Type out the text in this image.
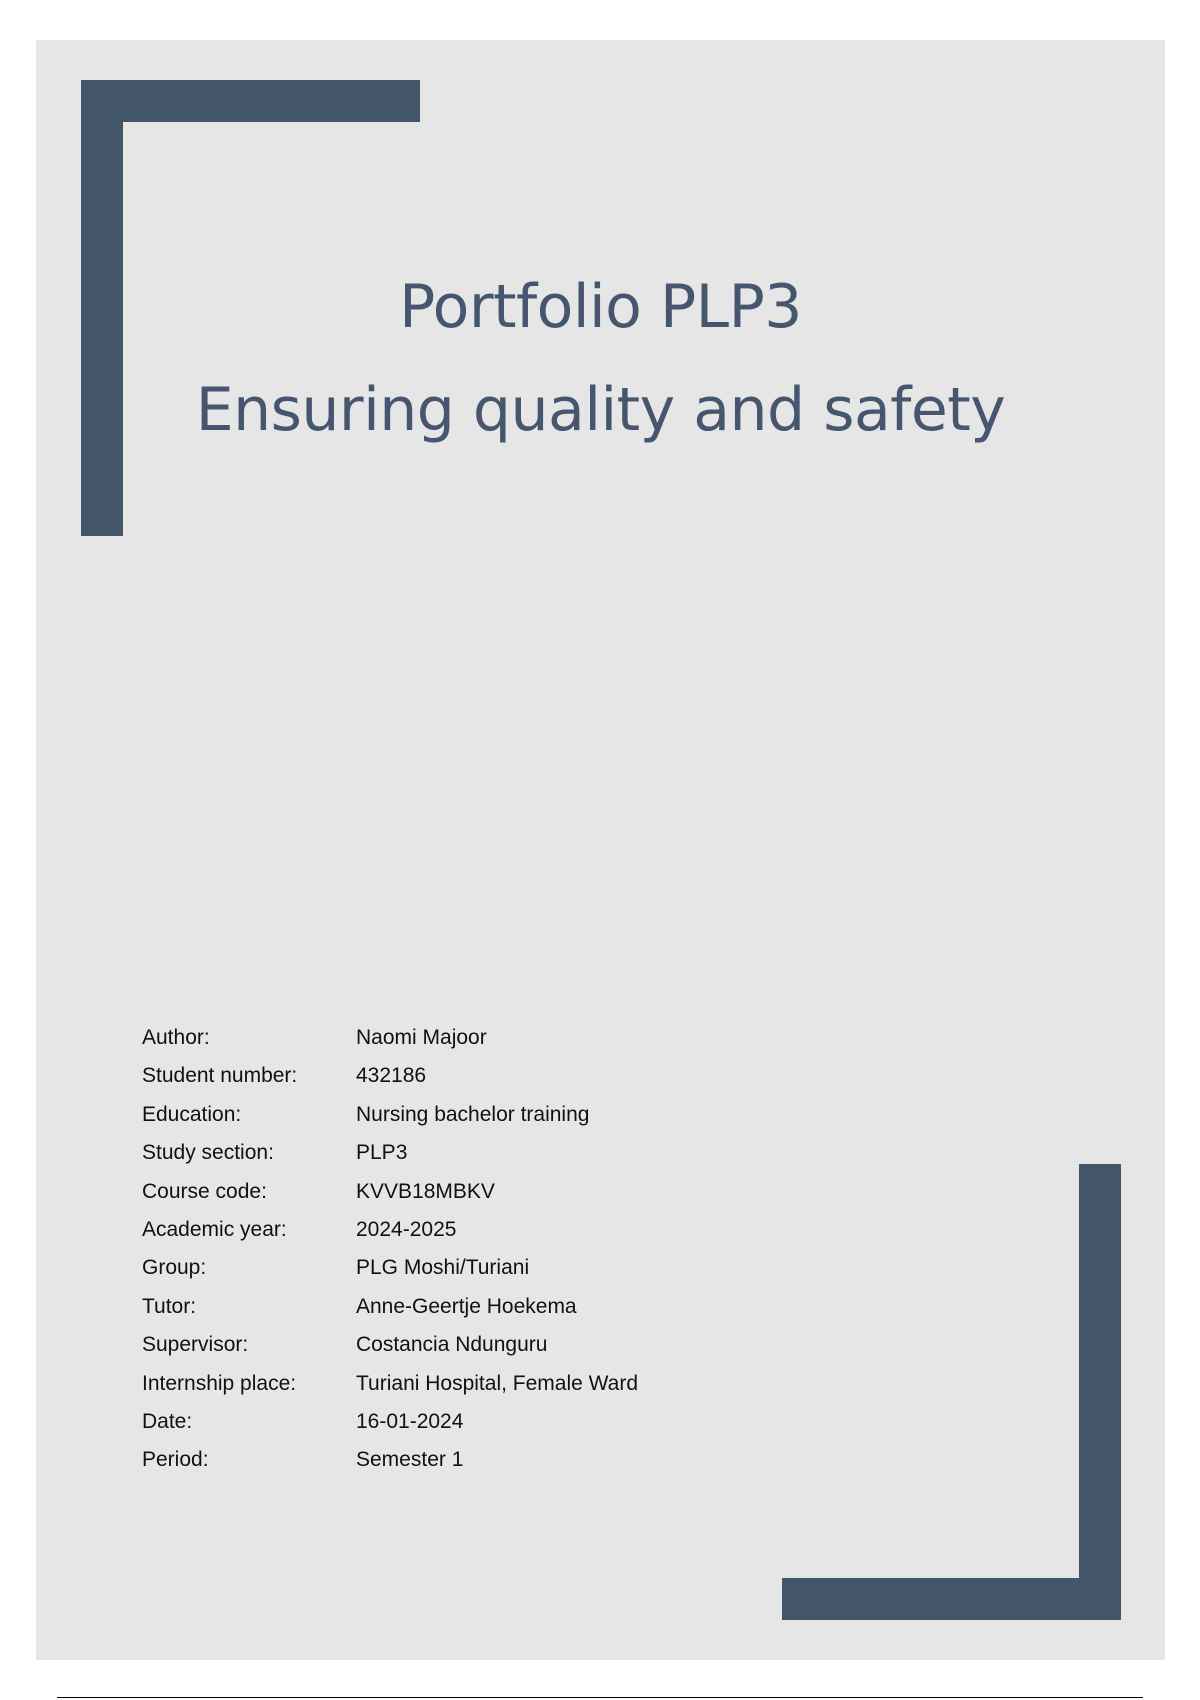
Portfolio PLP3
Ensuring quality and safety
Author:	Naomi Majoor
Student number:	432186
Education:	Nursing bachelor training
Study section:	PLP3
Course code:	KVVB18MBKV
Academic year:	2024-2025
Group:	PLG Moshi/Turiani
Tutor:	Anne-Geertje Hoekema
Supervisor:	Costancia Ndunguru
Internship place:	Turiani Hospital, Female Ward
Date:	16-01-2024
Period:	Semester 1
